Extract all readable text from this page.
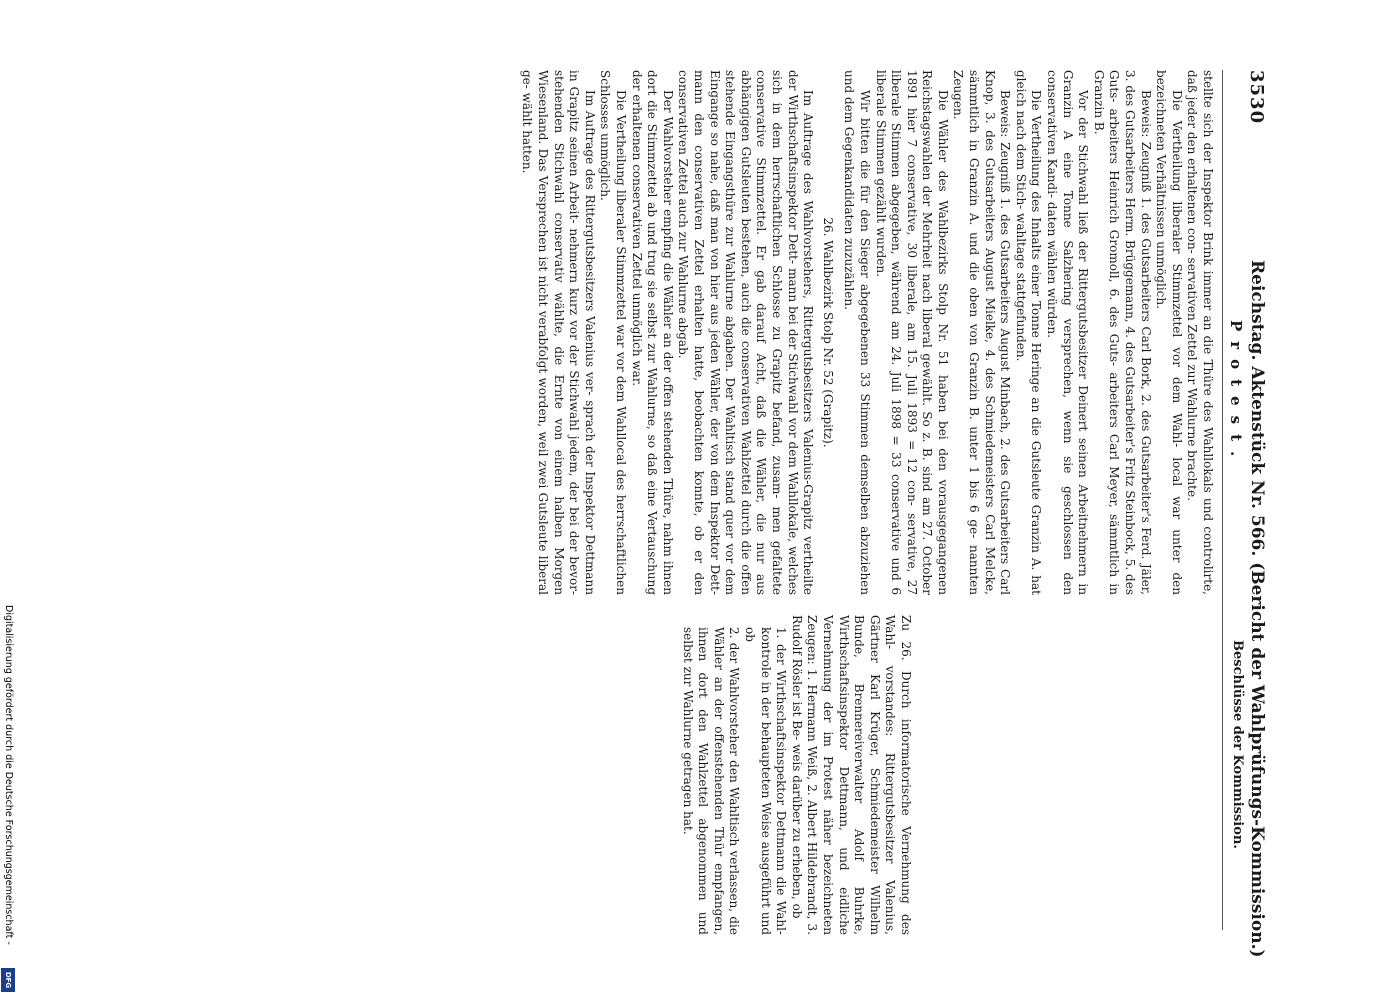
3530
Reichstag. Aktenstück Nr. 566. (Bericht der Wahlprüfungs-Kommission.)
Protest.
Beschlüsse der Kommission.

stellte sich der Inspektor Brink immer an die Thüre des Wahllokals und controlirte, daß jeder den erhaltenen con- servativen Zettel zur Wahlurne brachte.

Die Vertheilung liberaler Stimmzettel vor dem Wahl- local war unter den bezeichneten Verhältnissen unmöglich.

Beweis: Zeugniß 1. des Gutsarbeiters Carl Bork, 2. des Gutsarbeiter's Ferd. Jäler, 3. des Gutsarbeiters Herm. Brüggemann, 4. des Gutsarbeiter's Fritz Steinbock, 5. des Guts- arbeiters Heinrich Gromoll, 6. des Guts- arbeiters Carl Meyer, sämmtlich in Granzin B.

Vor der Stichwahl ließ der Rittergutsbesitzer Deinert seinen Arbeitnehmern in Granzin A eine Tonne Salzhering versprechen, wenn sie geschlossen den conservativen Kandi- daten wählen würden.

Die Vertheilung des Inhalts einer Tonne Heringe an die Gutsleute Granzin A. hat gleich nach dem Stich- wahltage stattgefunden.

Beweis: Zeugniß 1. des Gutsarbeiters August Minbach, 2. des Gutsarbeiters Carl Knop, 3. des Gutsarbeiters August Mielke, 4. des Schmiedemeisters Carl Melcke, sämmtlich in Granzin A. und die oben von Granzin B. unter 1 bis 6 ge- nannten Zeugen.

Die Wähler des Wahlbezirks Stolp Nr. 51 haben bei den vorausgegangenen Reichstagswahlen der Mehrheit nach liberal gewählt. So z. B. sind am 27. October 1891 hier 7 conservative, 30 liberale, am 15. Juli 1893 = 12 con- servative, 27 liberale Stimmen abgegeben, während am 24. Juli 1898 = 33 conservative und 6 liberale Stimmen gezählt wurden.

Wir bitten die für den Sieger abgegebenen 33 Stimmen demselben abzuziehen und dem Gegenkandidaten zuzuzählen.

26. Wahlbezirk Stolp Nr. 52 (Grapitz).

Im Auftrage des Wahlvorstehers, Rittergutsbesitzers Valenius-Grapitz vertheilte der Wirthschaftsinspektor Dett- mann bei der Stichwahl vor dem Wahllokale, welches sich in dem herrschaftlichen Schlosse zu Grapitz befand, zusam- men gefaltete conservative Stimmzettel. Er gab darauf Acht, daß die Wähler, die nur aus abhängigen Gutsleuten bestehen, auch die conservativen Wahlzettel durch die offen stehende Eingangsthüre zur Wahlurne abgaben. Der Wahltisch stand quer vor dem Eingange so nahe, daß man von hier aus jeden Wähler, der von dem Inspektor Dett- mann den conservativen Zettel erhalten hatte, beobachten konnte, ob er den conservativen Zettel auch zur Wahlurne abgab.

Der Wahlvorsteher empfing die Wähler an der offen stehenden Thüre, nahm ihnen dort die Stimmzettel ab und trug sie selbst zur Wahlurne, so daß eine Vertauschung der erhaltenen conservativen Zettel unmöglich war.

Die Vertheilung liberaler Stimmzettel war vor dem Wahllocal des herrschaftlichen Schlosses unmöglich.

Im Auftrage des Rittergutsbesitzers Valenius ver- sprach der Inspektor Dettmann in Grapitz seinen Arbeit- nehmern kurz vor der Stichwahl jedem, der bei der bevor- stehenden Stichwahl conservativ wählte, die Ernte von einem halben Morgen Wiesenland. Das Versprechen ist nicht verabfolgt worden, weil zwei Gutsleute liberal ge- wählt hatten.

Zu 26. Durch informatorische Vernehmung des Wahl- vorstandes: Rittergutsbesitzer Valenius, Gärtner Karl Krüger, Schmiedemeister Wilhelm Bunde, Brennereiverwalter Adolf Buhrke, Wirthschaftsinspektor Dettmann, und eidliche Vernehmung der im Protest näher bezeichneten Zeugen: 1. Hermann Weiß, 2. Albert Hildebrandt, 3. Rudolf Rösler ist Be- weis darüber zu erheben, ob

1. der Wirthschaftsinspektor Dettmann die Wahl- kontrole in der behaupteten Weise ausgeführt und ob
2. der Wahlvorsteher den Wahltisch verlassen, die Wähler an der offenstehenden Thür empfangen, ihnen dort den Wahlzettel abgenommen und selbst zur Wahlurne getragen hat.
Digitalisierung gefördert durch die Deutsche Forschungsgemeinschaft -
DFG
